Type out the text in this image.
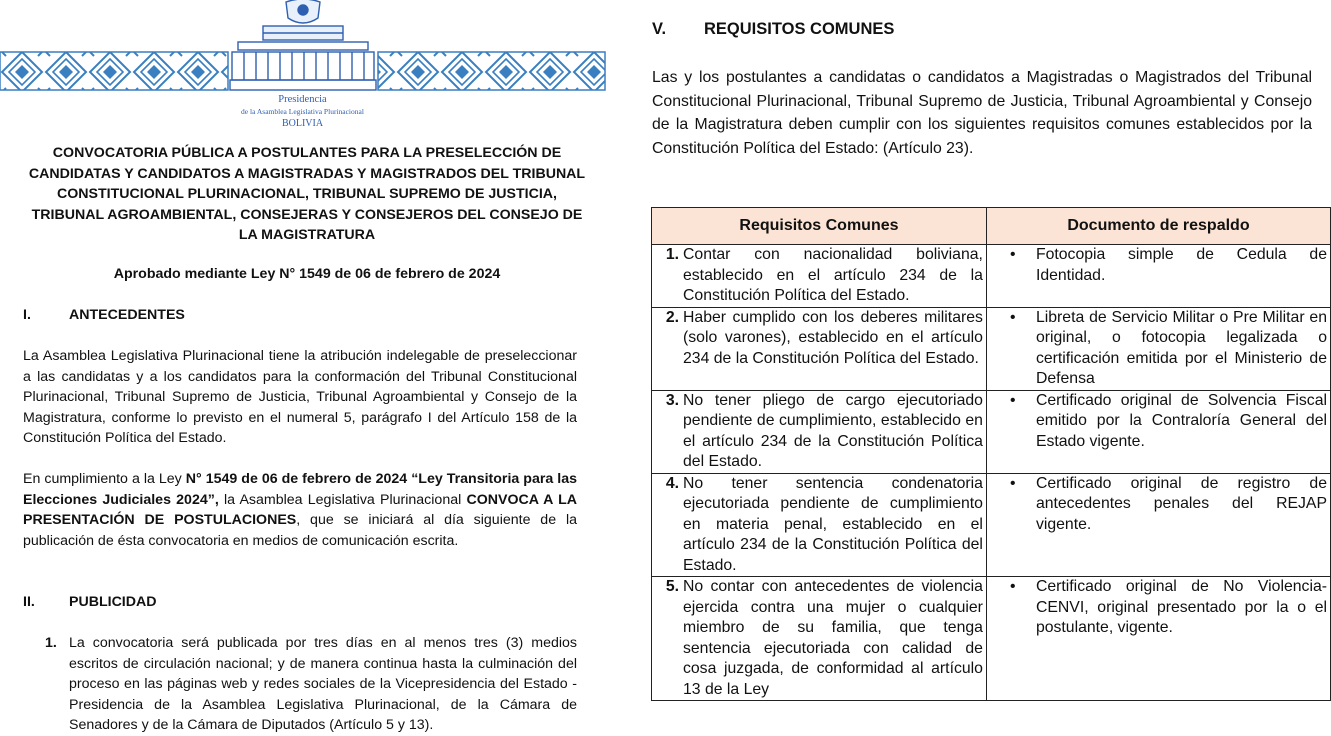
Presidencia
de la Asamblea Legislativa Plurinacional
BOLIVIA
CONVOCATORIA PÚBLICA A POSTULANTES PARA LA PRESELECCIÓN DE CANDIDATAS Y CANDIDATOS A MAGISTRADAS Y MAGISTRADOS DEL TRIBUNAL CONSTITUCIONAL PLURINACIONAL, TRIBUNAL SUPREMO DE JUSTICIA, TRIBUNAL AGROAMBIENTAL, CONSEJERAS Y CONSEJEROS DEL CONSEJO DE LA MAGISTRATURA
Aprobado mediante Ley N° 1549 de 06 de febrero de 2024
I.	ANTECEDENTES
La Asamblea Legislativa Plurinacional tiene la atribución indelegable de preseleccionar a las candidatas y a los candidatos para la conformación del Tribunal Constitucional Plurinacional, Tribunal Supremo de Justicia, Tribunal Agroambiental y Consejo de la Magistratura, conforme lo previsto en el numeral 5, parágrafo I del Artículo 158 de la Constitución Política del Estado.
En cumplimiento a la Ley N° 1549 de 06 de febrero de 2024 “Ley Transitoria para las Elecciones Judiciales 2024”, la Asamblea Legislativa Plurinacional CONVOCA A LA PRESENTACIÓN DE POSTULACIONES, que se iniciará al día siguiente de la publicación de ésta convocatoria en medios de comunicación escrita.
II. PUBLICIDAD
1. La convocatoria será publicada por tres días en al menos tres (3) medios escritos de circulación nacional; y de manera continua hasta la culminación del proceso en las páginas web y redes sociales de la Vicepresidencia del Estado - Presidencia de la Asamblea Legislativa Plurinacional, de la Cámara de Senadores y de la Cámara de Diputados (Artículo 5 y 13).
V. REQUISITOS COMUNES
Las y los postulantes a candidatas o candidatos a Magistradas o Magistrados del Tribunal Constitucional Plurinacional, Tribunal Supremo de Justicia, Tribunal Agroambiental y Consejo de la Magistratura deben cumplir con los siguientes requisitos comunes establecidos por la Constitución Política del Estado: (Artículo 23).
Requisitos Comunes	Documento de respaldo

1. Contar con nacionalidad boliviana, establecido en el artículo 234 de la Constitución Política del Estado.	• Fotocopia simple de Cedula de Identidad.

2. Haber cumplido con los deberes militares (solo varones), establecido en el artículo 234 de la Constitución Política del Estado.	• Libreta de Servicio Militar o Pre Militar en original, o fotocopia legalizada o certificación emitida por el Ministerio de Defensa

3. No tener pliego de cargo ejecutoriado pendiente de cumplimiento, establecido en el artículo 234 de la Constitución Política del Estado.	• Certificado original de Solvencia Fiscal emitido por la Contraloría General del Estado vigente.

4. No tener sentencia condenatoria ejecutoriada pendiente de cumplimiento en materia penal, establecido en el artículo 234 de la Constitución Política del Estado.	• Certificado original de registro de antecedentes penales del REJAP vigente.

5. No contar con antecedentes de violencia ejercida contra una mujer o cualquier miembro de su familia, que tenga sentencia ejecutoriada con calidad de cosa juzgada, de conformidad al artículo 13 de la Ley	• Certificado original de No Violencia- CENVI, original presentado por la o el postulante, vigente.
